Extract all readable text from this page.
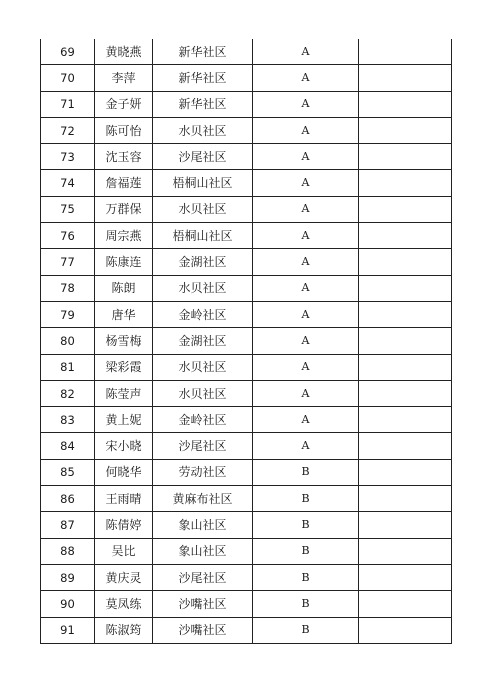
69	黄晓燕	新华社区	A	
70	李萍	新华社区	A	
71	金子妍	新华社区	A	
72	陈可怡	水贝社区	A	
73	沈玉容	沙尾社区	A	
74	詹福莲	梧桐山社区	A	
75	万群保	水贝社区	A	
76	周宗燕	梧桐山社区	A	
77	陈康连	金湖社区	A	
78	陈朗	水贝社区	A	
79	唐华	金岭社区	A	
80	杨雪梅	金湖社区	A	
81	梁彩霞	水贝社区	A	
82	陈莹声	水贝社区	A	
83	黄上妮	金岭社区	A	
84	宋小晓	沙尾社区	A	
85	何晓华	劳动社区	B	
86	王雨晴	黄麻布社区	B	
87	陈倩婷	象山社区	B	
88	吴比	象山社区	B	
89	黄庆灵	沙尾社区	B	
90	莫凤练	沙嘴社区	B	
91	陈淑筠	沙嘴社区	B	
